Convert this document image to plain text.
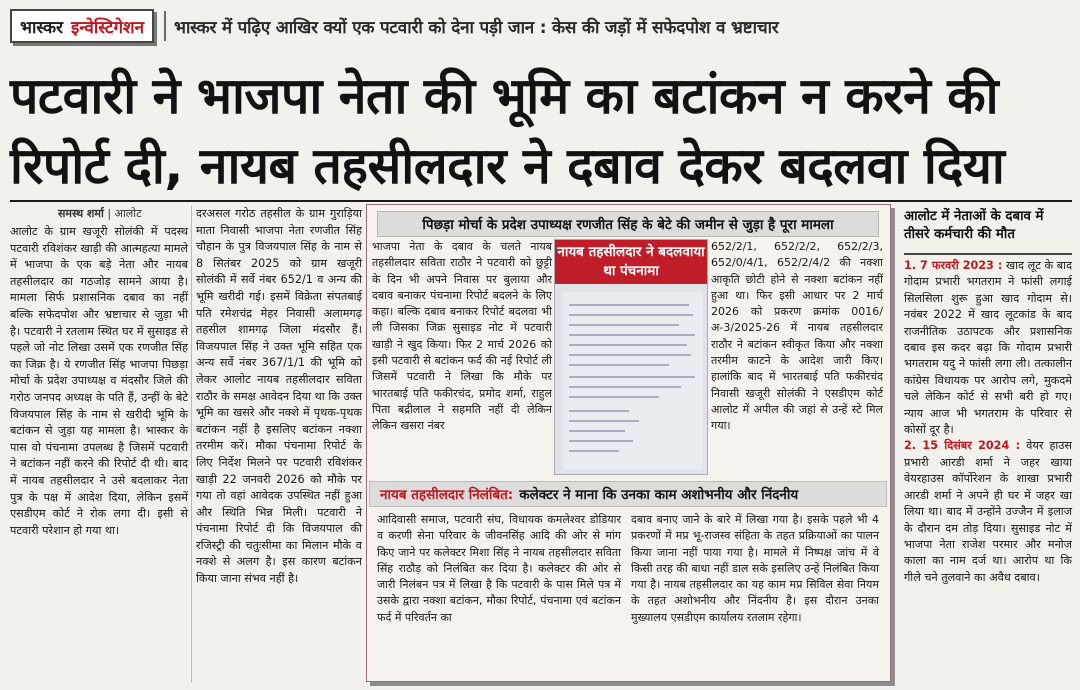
भास्कर इन्वेस्टिगेशन भास्कर में पढ़िए आखिर क्यों एक पटवारी को देना पड़ी जान : केस की जड़ों में सफेदपोश व भ्रष्टाचार
पटवारी ने भाजपा नेता की भूमि का बटांकन न करने की
रिपोर्ट दी, नायब तहसीलदार ने दबाव देकर बदलवा दिया
समस्थ शर्मा | आलोट
आलोट के ग्राम खजूरी सोलंकी में पदस्थ पटवारी रविशंकर खाड़ी की आत्महत्या मामले में भाजपा के एक बड़े नेता और नायब तहसीलदार का गठजोड़ सामने आया है। मामला सिर्फ प्रशासनिक दबाव का नहीं बल्कि सफेदपोश और भ्रष्टाचार से जुड़ा भी है। पटवारी ने रतलाम स्थित घर में सुसाइड से पहले जो नोट लिखा उसमें एक रणजीत सिंह का जिक्र है। ये रणजीत सिंह भाजपा पिछड़ा मोर्चा के प्रदेश उपाध्यक्ष व मंदसौर जिले की गरोठ जनपद अध्यक्ष के पति हैं, उन्हीं के बेटे विजयपाल सिंह के नाम से खरीदी भूमि के बटांकन से जुड़ा यह मामला है। भास्कर के पास वो पंचनामा उपलब्ध है जिसमें पटवारी ने बटांकन नहीं करने की रिपोर्ट दी थी। बाद में नायब तहसीलदार ने उसे बदलाकर नेता पुत्र के पक्ष में आदेश दिया, लेकिन इसमें एसडीएम कोर्ट ने रोक लगा दी। इसी से पटवारी परेशान हो गया था।
दरअसल गरोठ तहसील के ग्राम गुराड़िया माता निवासी भाजपा नेता रणजीत सिंह चौहान के पुत्र विजयपाल सिंह के नाम से 8 सितंबर 2025 को ग्राम खजूरी सोलंकी में सर्वे नंबर 652/1 व अन्य की भूमि खरीदी गई। इसमें विक्रेता संपतबाई पति रमेशचंद्र मेहर निवासी अलामगढ़ तहसील शामगढ़ जिला मंदसौर हैं। विजयपाल सिंह ने उक्त भूमि सहित एक अन्य सर्वे नंबर 367/1/1 की भूमि को लेकर आलोट नायब तहसीलदार सविता राठौर के समक्ष आवेदन दिया था कि उक्त भूमि का खसरे और नक्शे में पृथक-पृथक बटांकन नहीं है इसलिए बटांकन नक्शा तरमीम करें। मौका पंचनामा रिपोर्ट के लिए निर्देश मिलने पर पटवारी रविशंकर खाड़ी 22 जनवरी 2026 को मौके पर गया तो वहां आवेदक उपस्थित नहीं हुआ और स्थिति भिन्न मिली। पटवारी ने पंचनामा रिपोर्ट दी कि विजयपाल की रजिस्ट्री की चतुःसीमा का मिलान मौके व नक्शे से अलग है। इस कारण बटांकन किया जाना संभव नहीं है।
पिछड़ा मोर्चा के प्रदेश उपाध्यक्ष रणजीत सिंह के बेटे की जमीन से जुड़ा है पूरा मामला
भाजपा नेता के दबाव के चलते नायब तहसीलदार सविता राठौर ने पटवारी को छुट्टी के दिन भी अपने निवास पर बुलाया और दबाव बनाकर पंचनामा रिपोर्ट बदलने के लिए कहा। बल्कि दबाव बनाकर रिपोर्ट बदलवा भी ली जिसका जिक्र सुसाइड नोट में पटवारी खाड़ी ने खुद किया। फिर 2 मार्च 2026 को इसी पटवारी से बटांकन फर्द की नई रिपोर्ट ली जिसमें पटवारी ने लिखा कि मौके पर भारतबाई पति फकीरचंद, प्रमोद शर्मा, राहुल पिता बद्रीलाल ने सहमति नहीं दी लेकिन लेकिन खसरा नंबर
नायब तहसीलदार ने बदलवाया था पंचनामा
652/2/1, 652/2/2, 652/2/3, 652/0/4/1, 652/2/4/2 की नक्शा आकृति छोटी होने से नक्शा बटांकन नहीं हुआ था। फिर इसी आधार पर 2 मार्च 2026 को प्रकरण क्रमांक 0016/अ-3/2025-26 में नायब तहसीलदार राठौर ने बटांकन स्वीकृत किया और नक्शा तरमीम काटने के आदेश जारी किए। हालांकि बाद में भारतबाई पति फकीरचंद निवासी खजूरी सोलंकी ने एसडीएम कोर्ट आलोट में अपील की जहां से उन्हें स्टे मिल गया।
नायब तहसीलदार निलंबित: कलेक्टर ने माना कि उनका काम अशोभनीय और निंदनीय
आदिवासी समाज, पटवारी संघ, विधायक कमलेश्वर डोडियार व करणी सेना परिवार के जीवनसिंह आदि की ओर से मांग किए जाने पर कलेक्टर मिशा सिंह ने नायब तहसीलदार सविता सिंह राठौड़ को निलंबित कर दिया है। कलेक्टर की ओर से जारी निलंबन पत्र में लिखा है कि पटवारी के पास मिले पत्र में उसके द्वारा नक्शा बटांकन, मौका रिपोर्ट, पंचनामा एवं बटांकन फर्द में परिवर्तन का
दबाव बनाए जाने के बारे में लिखा गया है। इसके पहले भी 4 प्रकरणों में मप्र भू-राजस्व संहिता के तहत प्रक्रियाओं का पालन किया जाना नहीं पाया गया है। मामले में निष्पक्ष जांच में वे किसी तरह की बाधा नहीं डाल सके इसलिए उन्हें निलंबित किया गया है। नायब तहसीलदार का यह काम मप्र सिविल सेवा नियम के तहत अशोभनीय और निंदनीय है। इस दौरान उनका मुख्यालय एसडीएम कार्यालय रतलाम रहेगा।
आलोट में नेताओं के दबाव में तीसरे कर्मचारी की मौत
1. 7 फरवरी 2023 : खाद लूट के बाद गोदाम प्रभारी भगतराम ने फांसी लगाई सिलसिला शुरू हुआ खाद गोदाम से। नवंबर 2022 में खाद लूटकांड के बाद राजनीतिक उठापटक और प्रशासनिक दबाव इस कदर बढ़ा कि गोदाम प्रभारी भगतराम यदु ने फांसी लगा ली। तत्कालीन कांग्रेस विधायक पर आरोप लगे, मुकदमे चले लेकिन कोर्ट से सभी बरी हो गए। न्याय आज भी भगतराम के परिवार से कोसों दूर है।
2. 15 दिसंबर 2024 : वेयर हाउस प्रभारी आरडी शर्मा ने जहर खाया वेयरहाउस कॉर्पोरेशन के शाखा प्रभारी आरडी शर्मा ने अपने ही घर में जहर खा लिया था। बाद में उन्होंने उज्जैन में इलाज के दौरान दम तोड़ दिया। सुसाइड नोट में भाजपा नेता राजेश परमार और मनोज काला का नाम दर्ज था। आरोप था कि गीले चने तुलवाने का अवैध दबाव।
